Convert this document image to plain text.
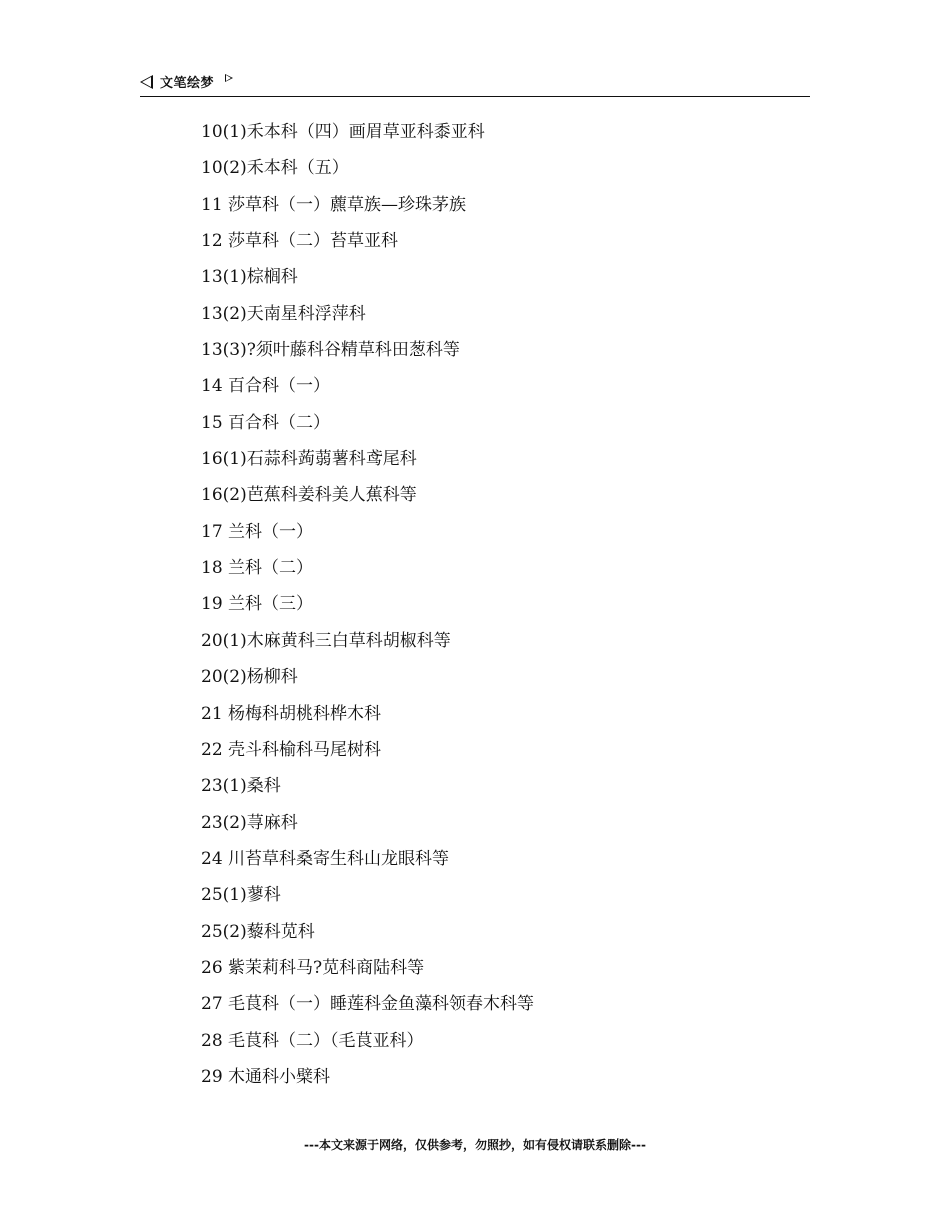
文笔绘梦
10(1)禾本科（四）画眉草亚科黍亚科
10(2)禾本科（五）
11 莎草科（一）藨草族—珍珠茅族
12 莎草科（二）苔草亚科
13(1)棕榈科
13(2)天南星科浮萍科
13(3)?须叶藤科谷精草科田葱科等
14 百合科（一）
15 百合科（二）
16(1)石蒜科蒟蒻薯科鸢尾科
16(2)芭蕉科姜科美人蕉科等
17 兰科（一）
18 兰科（二）
19 兰科（三）
20(1)木麻黄科三白草科胡椒科等
20(2)杨柳科
21 杨梅科胡桃科桦木科
22 壳斗科榆科马尾树科
23(1)桑科
23(2)荨麻科
24 川苔草科桑寄生科山龙眼科等
25(1)蓼科
25(2)藜科苋科
26 紫茉莉科马?苋科商陆科等
27 毛茛科（一）睡莲科金鱼藻科领春木科等
28 毛茛科（二）（毛茛亚科）
29 木通科小檗科
---本文来源于网络，仅供参考，勿照抄，如有侵权请联系删除---
